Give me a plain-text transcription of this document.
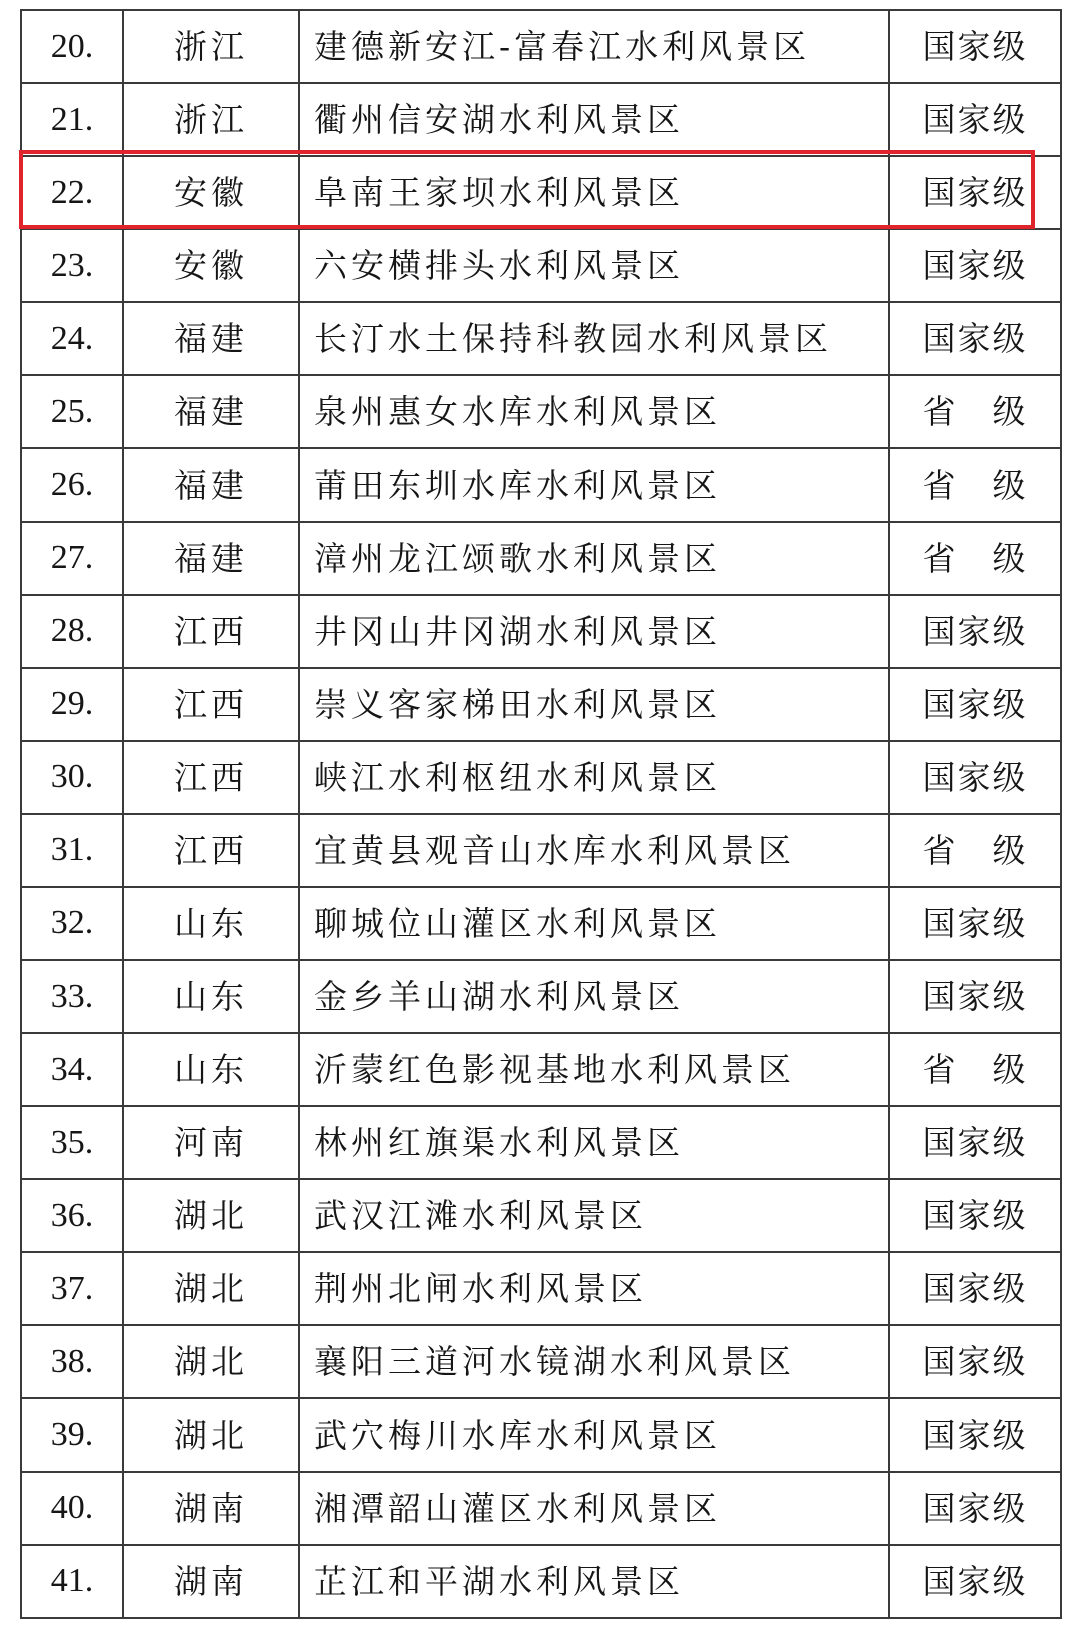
20.	浙江	建德新安江-富春江水利风景区	国家级
21.	浙江	衢州信安湖水利风景区	国家级
22.	安徽	阜南王家坝水利风景区	国家级
23.	安徽	六安横排头水利风景区	国家级
24.	福建	长汀水土保持科教园水利风景区	国家级
25.	福建	泉州惠女水库水利风景区	省　级
26.	福建	莆田东圳水库水利风景区	省　级
27.	福建	漳州龙江颂歌水利风景区	省　级
28.	江西	井冈山井冈湖水利风景区	国家级
29.	江西	崇义客家梯田水利风景区	国家级
30.	江西	峡江水利枢纽水利风景区	国家级
31.	江西	宜黄县观音山水库水利风景区	省　级
32.	山东	聊城位山灌区水利风景区	国家级
33.	山东	金乡羊山湖水利风景区	国家级
34.	山东	沂蒙红色影视基地水利风景区	省　级
35.	河南	林州红旗渠水利风景区	国家级
36.	湖北	武汉江滩水利风景区	国家级
37.	湖北	荆州北闸水利风景区	国家级
38.	湖北	襄阳三道河水镜湖水利风景区	国家级
39.	湖北	武穴梅川水库水利风景区	国家级
40.	湖南	湘潭韶山灌区水利风景区	国家级
41.	湖南	芷江和平湖水利风景区	国家级
